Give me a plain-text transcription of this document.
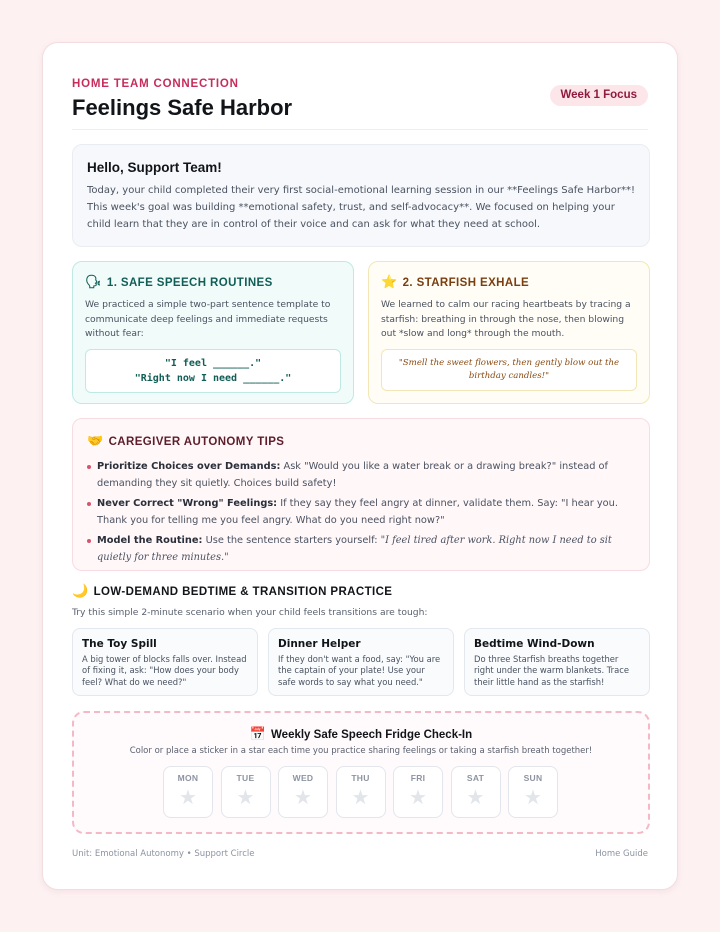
HOME TEAM CONNECTION
Feelings Safe Harbor	Week 1 Focus
Hello, Support Team!

Today, your child completed their very first social-emotional learning session in our **Feelings Safe Harbor**! This week's goal was building **emotional safety, trust, and self-advocacy**. We focused on helping your child learn that they are in control of their voice and can ask for what they need at school.

🗣 1. SAFE SPEECH ROUTINES

We practiced a simple two-part sentence template to communicate deep feelings and immediate requests without fear:

"I feel ______."
"Right now I need ______."
⭐ 2. STARFISH EXHALE

We learned to calm our racing heartbeats by tracing a starfish: breathing in through the nose, then blowing out *slow and long* through the mouth.

"Smell the sweet flowers, then gently blow out the birthday candles!"
🤝 CAREGIVER AUTONOMY TIPS
Prioritize Choices over Demands: Ask "Would you like a water break or a drawing break?" instead of demanding they sit quietly. Choices build safety!
Never Correct "Wrong" Feelings: If they say they feel angry at dinner, validate them. Say: "I hear you. Thank you for telling me you feel angry. What do you need right now?"
Model the Routine: Use the sentence starters yourself: "I feel tired after work. Right now I need to sit quietly for three minutes."
🌙 LOW-DEMAND BEDTIME & TRANSITION PRACTICE
Try this simple 2-minute scenario when your child feels transitions are tough:
The Toy Spill

A big tower of blocks falls over. Instead of fixing it, ask: "How does your body feel? What do we need?"

Dinner Helper

If they don't want a food, say: "You are the captain of your plate! Use your safe words to say what you need."

Bedtime Wind-Down

Do three Starfish breaths together right under the warm blankets. Trace their little hand as the starfish!

📅 Weekly Safe Speech Fridge Check-In
Color or place a sticker in a star each time you practice sharing feelings or taking a starfish breath together!
MON
★
TUE
★
WED
★
THU
★
FRI
★
SAT
★
SUN
★
Unit: Emotional Autonomy • Support Circle	Home Guide
